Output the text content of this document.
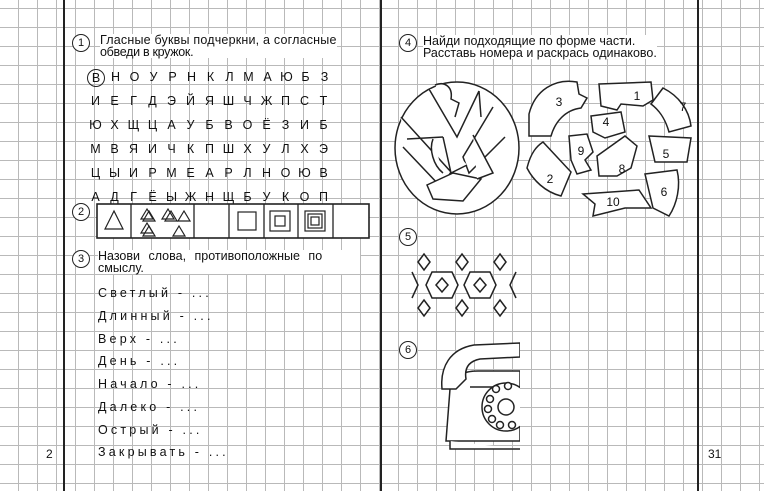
1	Гласные буквы подчеркни, а согласные
обведи в кружок.
В Н О У Р Н К Л М А Ю Б З
И Е Г Д Э Й Я Ш Ч Ж П С Т
Ю Х Щ Ц А У Б В О Ё З И Б
М В Я И Ч К П Ш Х У Л Х Э
Ц Ы И Р М Е А Р Л Н О Ю В
А Д Г Ё Ы Ж Н Щ Б У К О П
2
3	Назови слова, противоположные по
смыслу.
Светлый - ...
Длинный - ...
Верх - ...
День - ...
Начало - ...
Далеко - ...
Острый - ...
Закрывать - ...
2
4 Найди подходящие по форме части.
Расставь номера и раскрась одинаково.
3	1
7
4
9
8
5
2
10
6
5
6
31
